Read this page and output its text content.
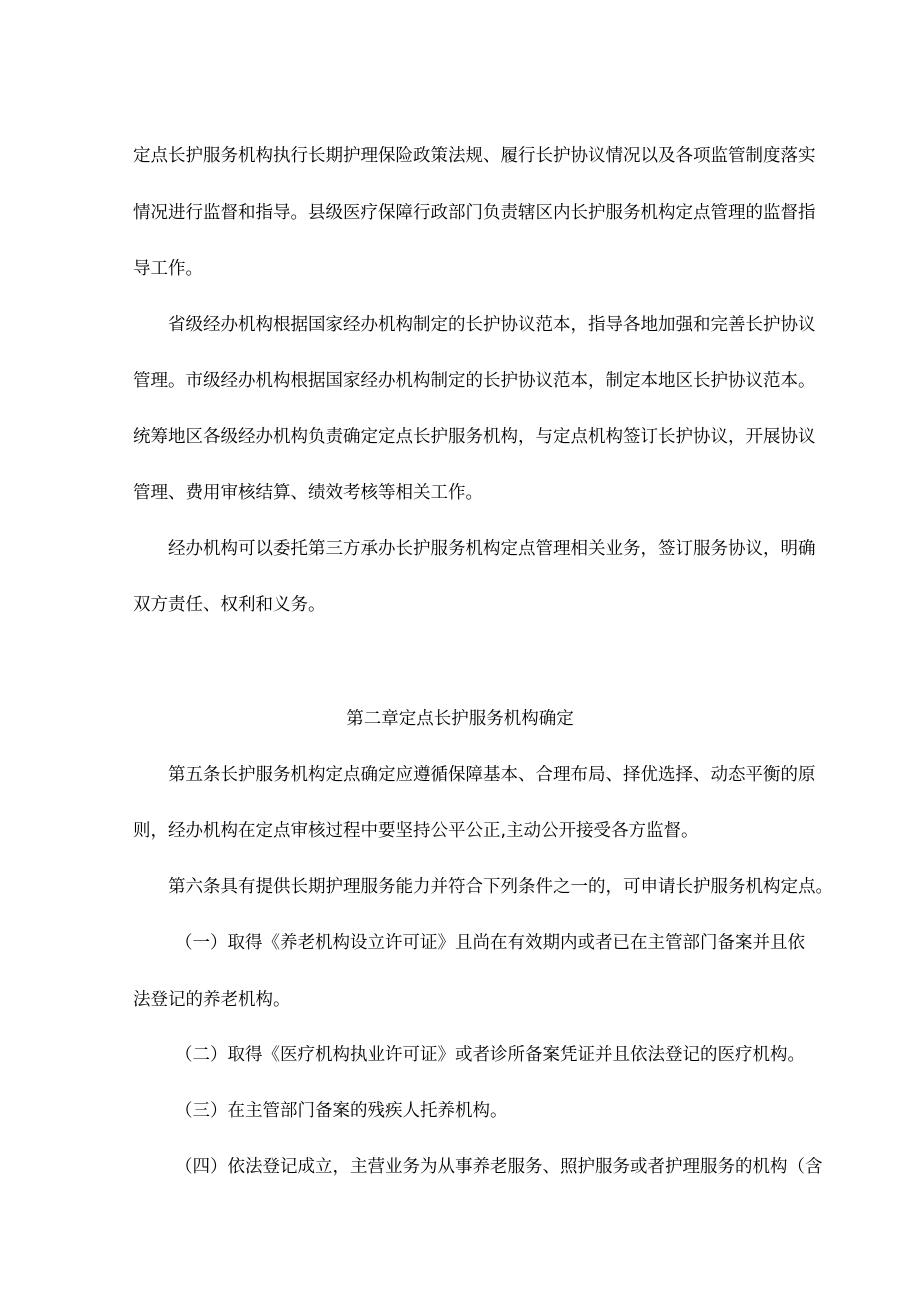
定点长护服务机构执行长期护理保险政策法规、履行长护协议情况以及各项监管制度落实
情况进行监督和指导。县级医疗保障行政部门负责辖区内长护服务机构定点管理的监督指
导工作。
省级经办机构根据国家经办机构制定的长护协议范本，指导各地加强和完善长护协议
管理。市级经办机构根据国家经办机构制定的长护协议范本，制定本地区长护协议范本。
统筹地区各级经办机构负责确定定点长护服务机构，与定点机构签订长护协议，开展协议
管理、费用审核结算、绩效考核等相关工作。
经办机构可以委托第三方承办长护服务机构定点管理相关业务，签订服务协议，明确
双方责任、权利和义务。
第二章定点长护服务机构确定
第五条长护服务机构定点确定应遵循保障基本、合理布局、择优选择、动态平衡的原
则，经办机构在定点审核过程中要坚持公平公正,主动公开接受各方监督。
第六条具有提供长期护理服务能力并符合下列条件之一的，可申请长护服务机构定点。
（一）取得《养老机构设立许可证》且尚在有效期内或者已在主管部门备案并且依
法登记的养老机构。
（二）取得《医疗机构执业许可证》或者诊所备案凭证并且依法登记的医疗机构。
（三）在主管部门备案的残疾人托养机构。
（四）依法登记成立，主营业务为从事养老服务、照护服务或者护理服务的机构（含
